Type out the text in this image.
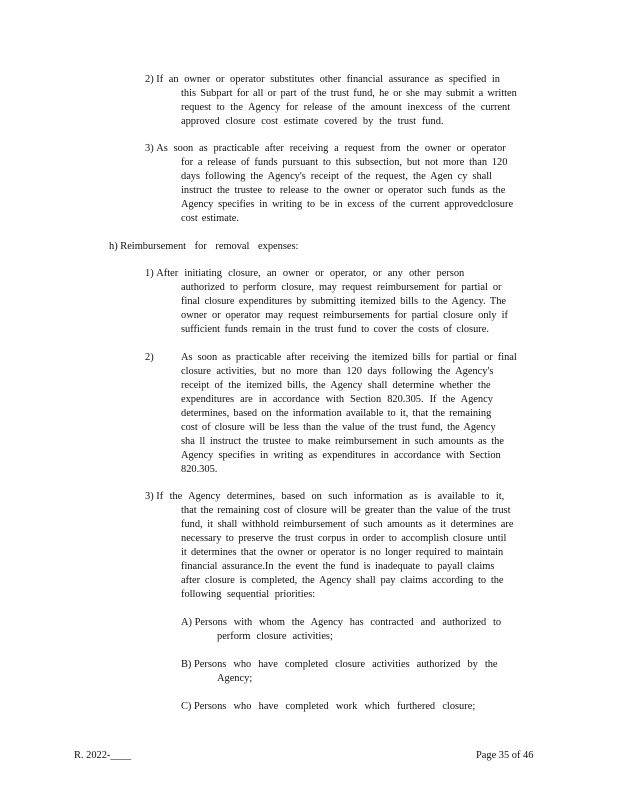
2) If an owner or operator substitutes other financial assurance as specified in
this Subpart for all or part of the trust fund, he or she may submit a written
request to the Agency for release of the amount inexcess of the current
approved closure cost estimate covered by the trust fund.
3) As soon as practicable after receiving a request from the owner or operator
for a release of funds pursuant to this subsection, but not more than 120
days following the Agency's receipt of the request, the Agen cy shall
instruct the trustee to release to the owner or operator such funds as the
Agency specifies in writing to be in excess of the current approvedclosure
cost estimate.
h) Reimbursement for removal expenses:
1) After initiating closure, an owner or operator, or any other person
authorized to perform closure, may request reimbursement for partial or
final closure expenditures by submitting itemized bills to the Agency. The
owner or operator may request reimbursements for partial closure only if
sufficient funds remain in the trust fund to cover the costs of closure.
2)	As soon as practicable after receiving the itemized bills for partial or final
closure activities, but no more than 120 days following the Agency's
receipt of the itemized bills, the Agency shall determine whether the
expenditures are in accordance with Section 820.305. If the Agency
determines, based on the information available to it, that the remaining
cost of closure will be less than the value of the trust fund, the Agency
sha ll instruct the trustee to make reimbursement in such amounts as the
Agency specifies in writing as expenditures in accordance with Section
820.305.
3) If the Agency determines, based on such information as is available to it,
that the remaining cost of closure will be greater than the value of the trust
fund, it shall withhold reimbursement of such amounts as it determines are
necessary to preserve the trust corpus in order to accomplish closure until
it determines that the owner or operator is no longer required to maintain
financial assurance.In the event the fund is inadequate to payall claims
after closure is completed, the Agency shall pay claims according to the
following sequential priorities:
A) Persons with whom the Agency has contracted and authorized to
perform closure activities;
B) Persons who have completed closure activities authorized by the
Agency;
C) Persons who have completed work which furthered closure;
R. 2022-____	Page 35 of 46
